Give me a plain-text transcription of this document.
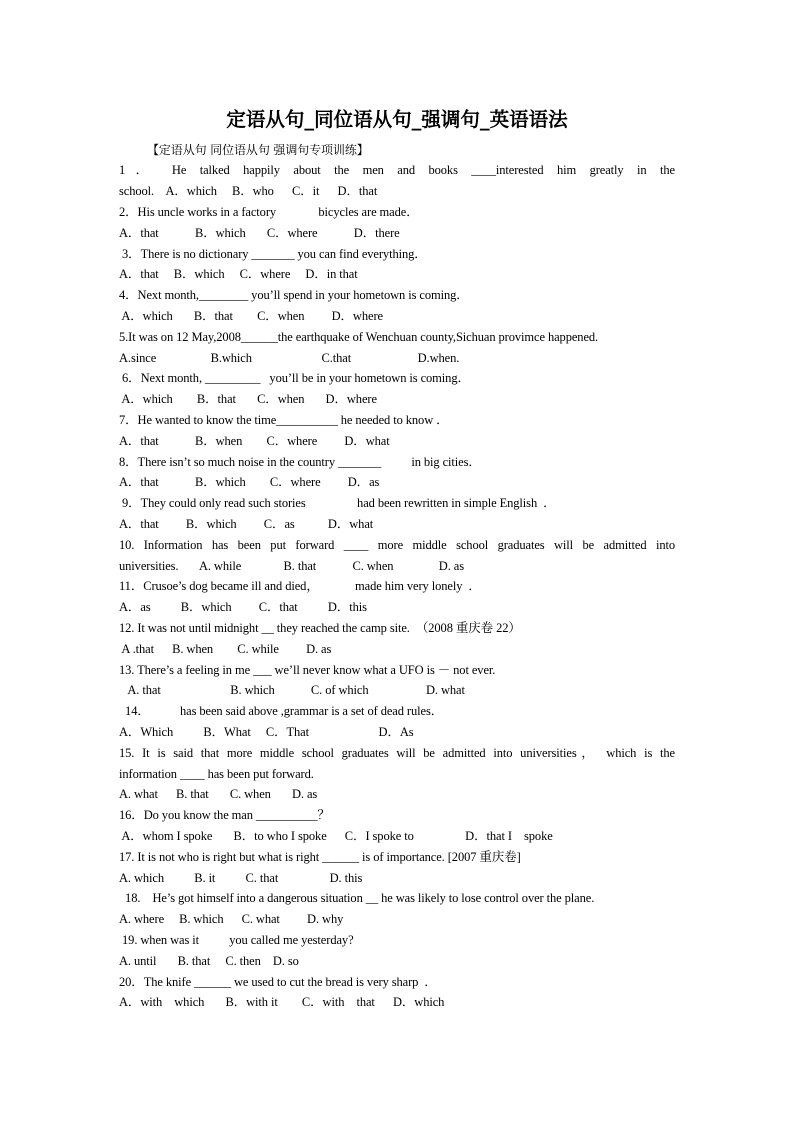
定语从句_同位语从句_强调句_英语语法
【定语从句 同位语从句 强调句专项训练】
1． He talked happily about the men and books ____interested him greatly in the
school.    A．which     B．who      C．it      D．that
2．His uncle works in a factory              bicycles are made．
A．that            B．which       C．where            D．there
3．There is no dictionary _______ you can find everything．
A．that     B．which     C．where     D．in that
4．Next month,________ you’ll spend in your hometown is coming．
A．which       B．that        C．when         D．where
5.It was on 12 May,2008______the earthquake of Wenchuan county,Sichuan provimce happened.
A.since                  B.which                       C.that                      D.when.
6．Next month, _________   you’ll be in your hometown is coming．
A．which        B．that       C．when       D．where
7．He wanted to know the time__________ he needed to know ．
A．that            B．when        C．where         D．what
8．There isn’t so much noise in the country _______          in big cities．
A．that            B．which        C．where         D．as
9．They could only read such stories                 had been rewritten in simple English  ．
A．that         B．which         C．as           D．what
10. Information has been put forward ____ more middle school graduates will be admitted into
universities.       A. while              B. that            C. when               D. as
11．Crusoe’s dog became ill and died，            made him very lonely  ．
A．as          B．which         C．that          D．this
12. It was not until midnight __ they reached the camp site.  （2008 重庆卷 22）
A .that      B. when        C. while         D. as
13. There’s a feeling in me ___ we’ll never know what a UFO is － not ever.
A. that                       B. which            C. of which                   D. what
14．          has been said above ,grammar is a set of dead rules．
A．Which          B．What     C．That                       D．As
15. It is said that more middle school graduates will be admitted into universities， which is the
information ____ has been put forward.
A. what      B. that       C. when       D. as
16．Do you know the man __________？
A．whom I spoke       B．to who I spoke      C．I spoke to                 D．that I    spoke
17. It is not who is right but what is right ______ is of importance. [2007 重庆卷]
A. which          B. it          C. that                 D. this
18.    He’s got himself into a dangerous situation __ he was likely to lose control over the plane.
A. where     B. which      C. what         D. why
19. when was it          you called me yesterday?
A. until       B. that     C. then    D. so
20．The knife ______ we used to cut the bread is very sharp  ．
A．with    which       B．with it        C．with    that      D．which
